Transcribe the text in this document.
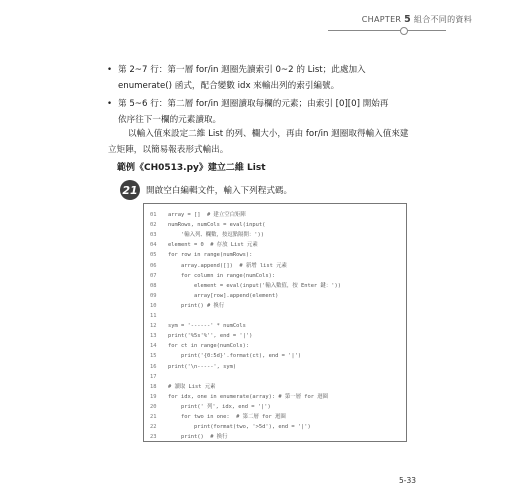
CHAPTER 5 組合不同的資料
• 第 2~7 行：第一層 for/in 迴圈先讀索引 0~2 的 List；此處加入
enumerate() 函式，配合變數 idx 來輸出列的索引編號。
• 第 5~6 行：第二層 for/in 迴圈讀取每欄的元素；由索引 [0][0] 開始再
依序往下一欄的元素讀取。
以輸入值來設定二維 List 的列、欄大小，再由 for/in 迴圈取得輸入值來建
立矩陣，以簡易報表形式輸出。
範例《CH0513.py》建立二維 List
21 開啟空白編輯文件，輸入下列程式碼。
01 array = []  # 建立空白矩陣
02 numRows, numCols = eval(input(
03    '輸入列、欄數，按逗點隔開：'))
04 element = 0  # 存放 List 元素
05 for row in range(numRows):
06    array.append([])  # 新增 list 元素
07    for column in range(numCols):
08        element = eval(input('輸入數值，按 Enter 鍵：'))
09        array[row].append(element)
10    print() # 換行
11
12 sym = '------' * numCols
13 print('%5s'%'', end = '|')
14 for ct in range(numCols):
15    print('{0:5d}'.format(ct), end = '|')
16 print('\n-----', sym)
17
18 # 讀取 List 元素
19 for idx, one in enumerate(array): # 第一層 for 迴圈
20    print(' 列', idx, end = '|')
21    for two in one:  # 第二層 for 迴圈
22        print(format(two, '>5d'), end = '|')
23    print()  # 換行
5-33
